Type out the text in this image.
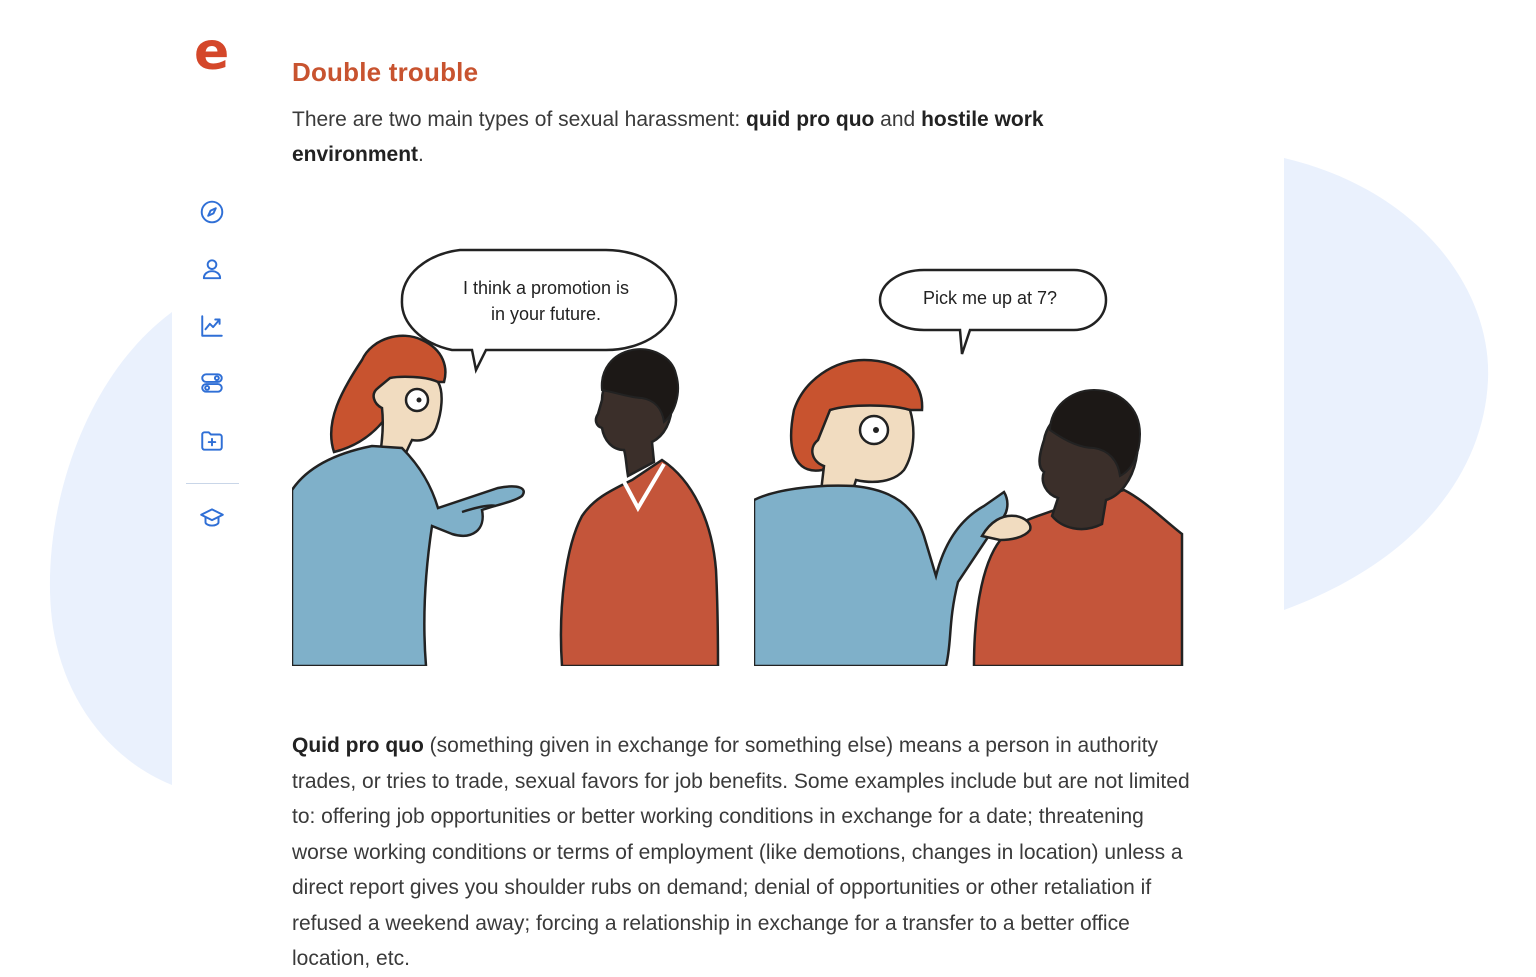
e Double trouble

There are two main types of sexual harassment: quid pro quo and hostile work environment.

I think a promotion is
in your future.
Pick me up at 7?

Quid pro quo (something given in exchange for something else) means a person in authority trades, or tries to trade, sexual favors for job benefits. Some examples include but are not limited to: offering job opportunities or better working conditions in exchange for a date; threatening worse working conditions or terms of employment (like demotions, changes in location) unless a direct report gives you shoulder rubs on demand; denial of opportunities or other retaliation if refused a weekend away; forcing a relationship in exchange for a transfer to a better office location, etc.
